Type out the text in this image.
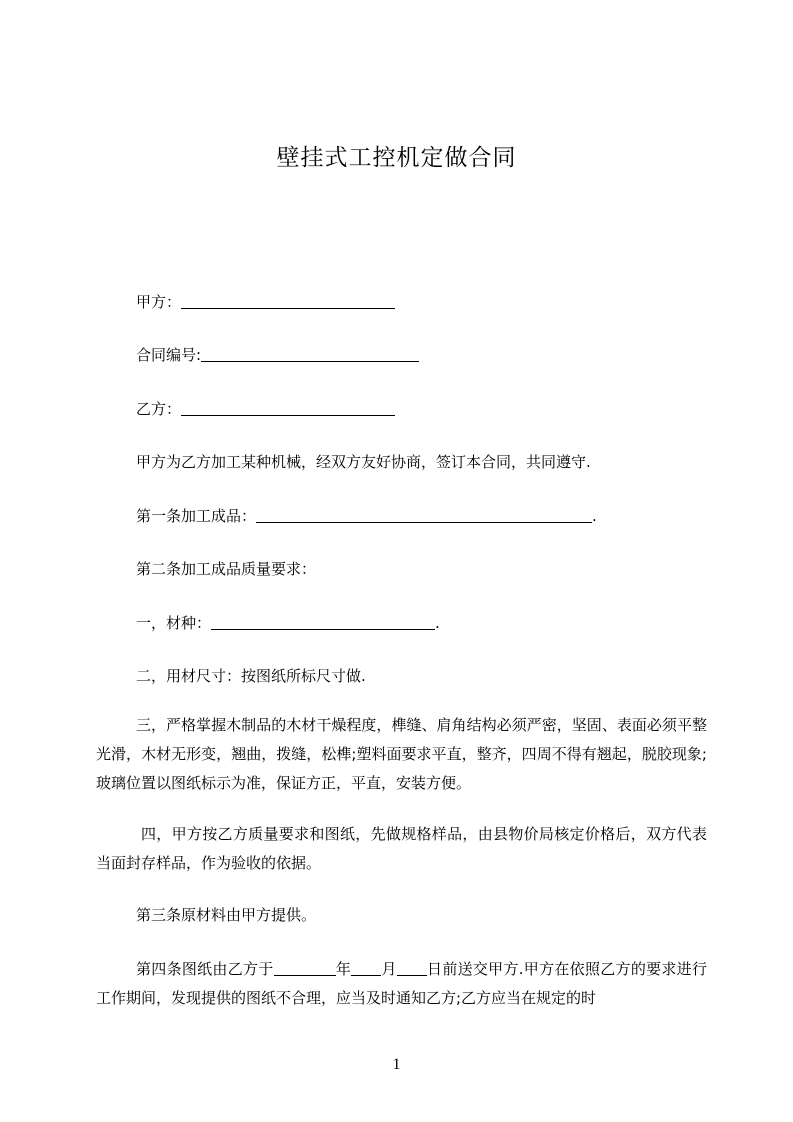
壁挂式工控机定做合同
甲方：
合同编号:
乙方：
甲方为乙方加工某种机械，经双方友好协商，签订本合同，共同遵守.
第一条加工成品：	.
第二条加工成品质量要求：
一，材种：	.
二，用材尺寸：按图纸所标尺寸做.
三，严格掌握木制品的木材干燥程度，榫缝、肩角结构必须严密，坚固、表面必须平整光滑，木材无形变，翘曲，拨缝，松榫;塑料面要求平直，整齐，四周不得有翘起，脱胶现象;玻璃位置以图纸标示为准，保证方正，平直，安装方便。
四，甲方按乙方质量要求和图纸，先做规格样品，由县物价局核定价格后，双方代表当面封存样品，作为验收的依据。
第三条原材料由甲方提供。
第四条图纸由乙方于	年 月 日前送交甲方.甲方在依照乙方的要求进行工作期间，发现提供的图纸不合理，应当及时通知乙方;乙方应当在规定的时
1
